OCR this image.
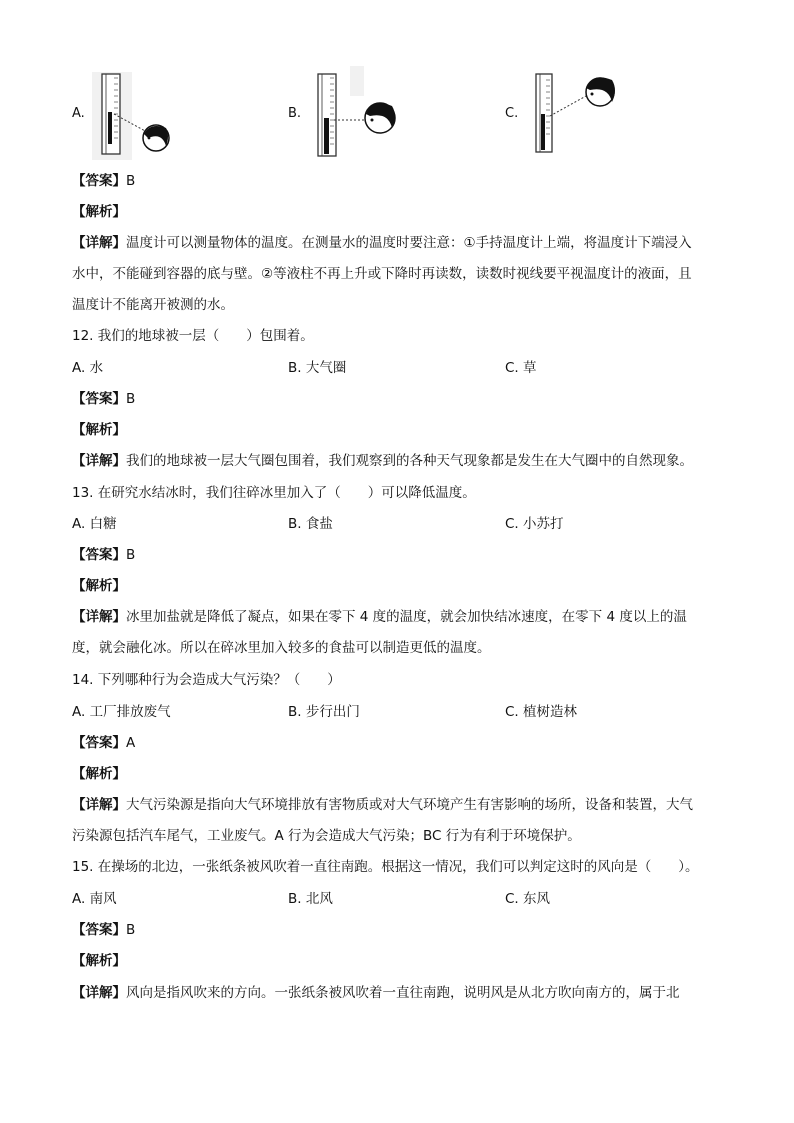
A.	B.	C.
【答案】B
【解析】
【详解】温度计可以测量物体的温度。在测量水的温度时要注意：①手持温度计上端，将温度计下端浸入
水中，不能碰到容器的底与壁。②等液柱不再上升或下降时再读数，读数时视线要平视温度计的液面，且
温度计不能离开被测的水。
12. 我们的地球被一层（　　）包围着。
A. 水	B. 大气圈	C. 草
【答案】B
【解析】
【详解】我们的地球被一层大气圈包围着，我们观察到的各种天气现象都是发生在大气圈中的自然现象。
13. 在研究水结冰时，我们往碎冰里加入了（　　）可以降低温度。
A. 白糖	B. 食盐	C. 小苏打
【答案】B
【解析】
【详解】冰里加盐就是降低了凝点，如果在零下 4 度的温度，就会加快结冰速度，在零下 4 度以上的温
度，就会融化冰。所以在碎冰里加入较多的食盐可以制造更低的温度。
14. 下列哪种行为会造成大气污染？（　　）
A. 工厂排放废气	B. 步行出门	C. 植树造林
【答案】A
【解析】
【详解】大气污染源是指向大气环境排放有害物质或对大气环境产生有害影响的场所，设备和装置，大气
污染源包括汽车尾气，工业废气。A 行为会造成大气污染；BC 行为有利于环境保护。
15. 在操场的北边，一张纸条被风吹着一直往南跑。根据这一情况，我们可以判定这时的风向是（　　）。
A. 南风	B. 北风	C. 东风
【答案】B
【解析】
【详解】风向是指风吹来的方向。一张纸条被风吹着一直往南跑，说明风是从北方吹向南方的，属于北
